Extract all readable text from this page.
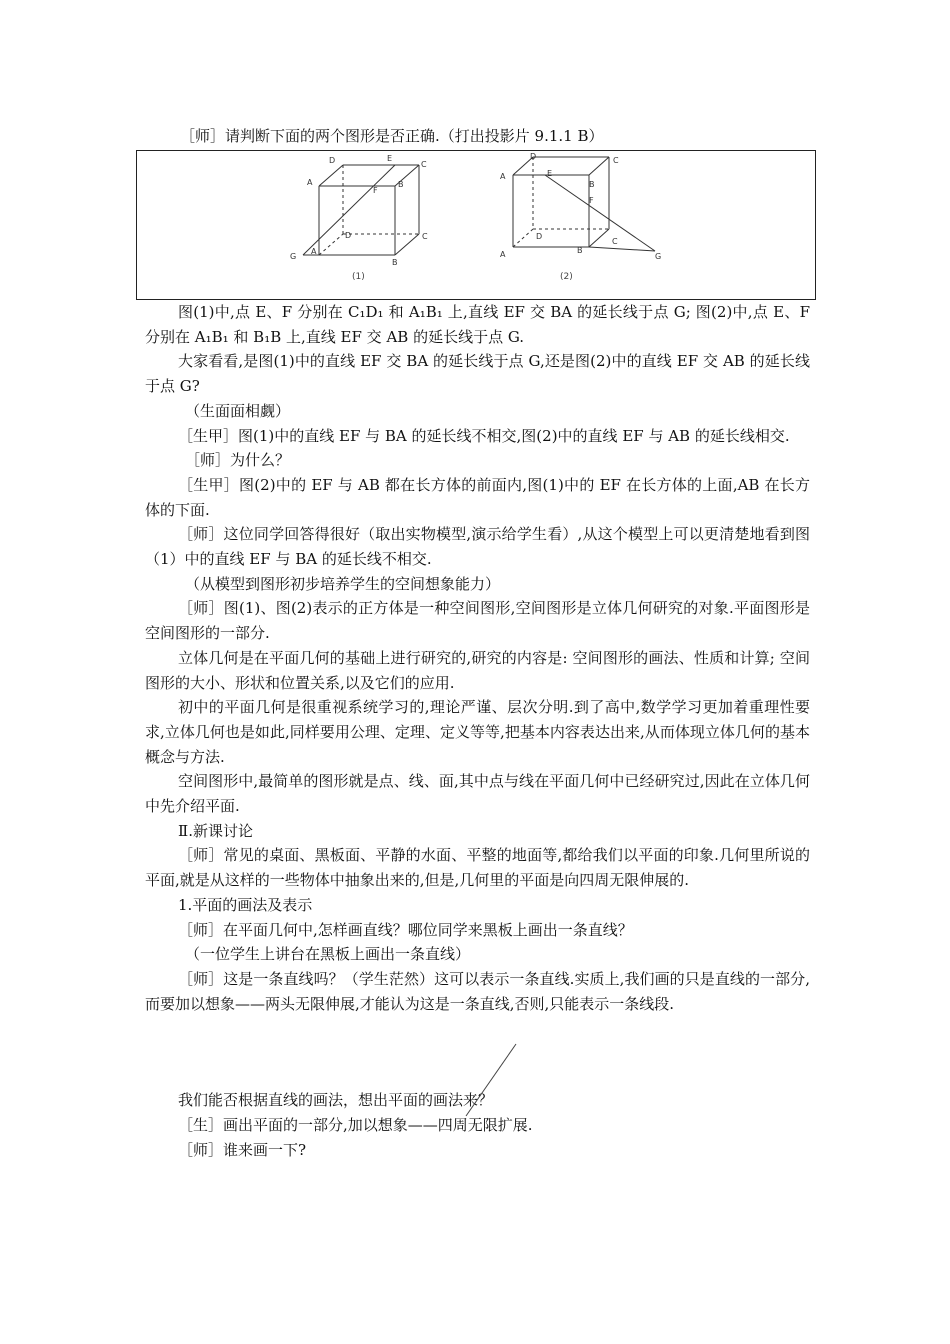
［师］请判断下面的两个图形是否正确.（打出投影片 9.1.1 B）
D	E
C
A
F
B
D	C
G
A
B
(1)
D	C
A	E
B
F
D
C
A	B
G
(2)

图(1)中,点 E、F 分别在 C₁D₁ 和 A₁B₁ 上,直线 EF 交 BA 的延长线于点 G; 图(2)中,点 E、F 分别在 A₁B₁ 和 B₁B 上,直线 EF 交 AB 的延长线于点 G.

大家看看,是图(1)中的直线 EF 交 BA 的延长线于点 G,还是图(2)中的直线 EF 交 AB 的延长线于点 G?

（生面面相觑）

［生甲］图(1)中的直线 EF 与 BA 的延长线不相交,图(2)中的直线 EF 与 AB 的延长线相交.

［师］为什么？

［生甲］图(2)中的 EF 与 AB 都在长方体的前面内,图(1)中的 EF 在长方体的上面,AB 在长方体的下面.

［师］这位同学回答得很好（取出实物模型,演示给学生看）,从这个模型上可以更清楚地看到图（1）中的直线 EF 与 BA 的延长线不相交.

（从模型到图形初步培养学生的空间想象能力）

［师］图(1)、图(2)表示的正方体是一种空间图形,空间图形是立体几何研究的对象.平面图形是空间图形的一部分.

立体几何是在平面几何的基础上进行研究的,研究的内容是: 空间图形的画法、性质和计算; 空间图形的大小、形状和位置关系,以及它们的应用.

初中的平面几何是很重视系统学习的,理论严谨、层次分明.到了高中,数学学习更加着重理性要求,立体几何也是如此,同样要用公理、定理、定义等等,把基本内容表达出来,从而体现立体几何的基本概念与方法.

空间图形中,最简单的图形就是点、线、面,其中点与线在平面几何中已经研究过,因此在立体几何中先介绍平面.

Ⅱ.新课讨论

［师］常见的桌面、黑板面、平静的水面、平整的地面等,都给我们以平面的印象.几何里所说的平面,就是从这样的一些物体中抽象出来的,但是,几何里的平面是向四周无限伸展的.

1.平面的画法及表示

［师］在平面几何中,怎样画直线？哪位同学来黑板上画出一条直线？

（一位学生上讲台在黑板上画出一条直线）

［师］这是一条直线吗？（学生茫然）这可以表示一条直线.实质上,我们画的只是直线的一部分,而要加以想象——两头无限伸展,才能认为这是一条直线,否则,只能表示一条线段.

我们能否根据直线的画法，想出平面的画法来？

［生］画出平面的一部分,加以想象——四周无限扩展.

［师］谁来画一下?
